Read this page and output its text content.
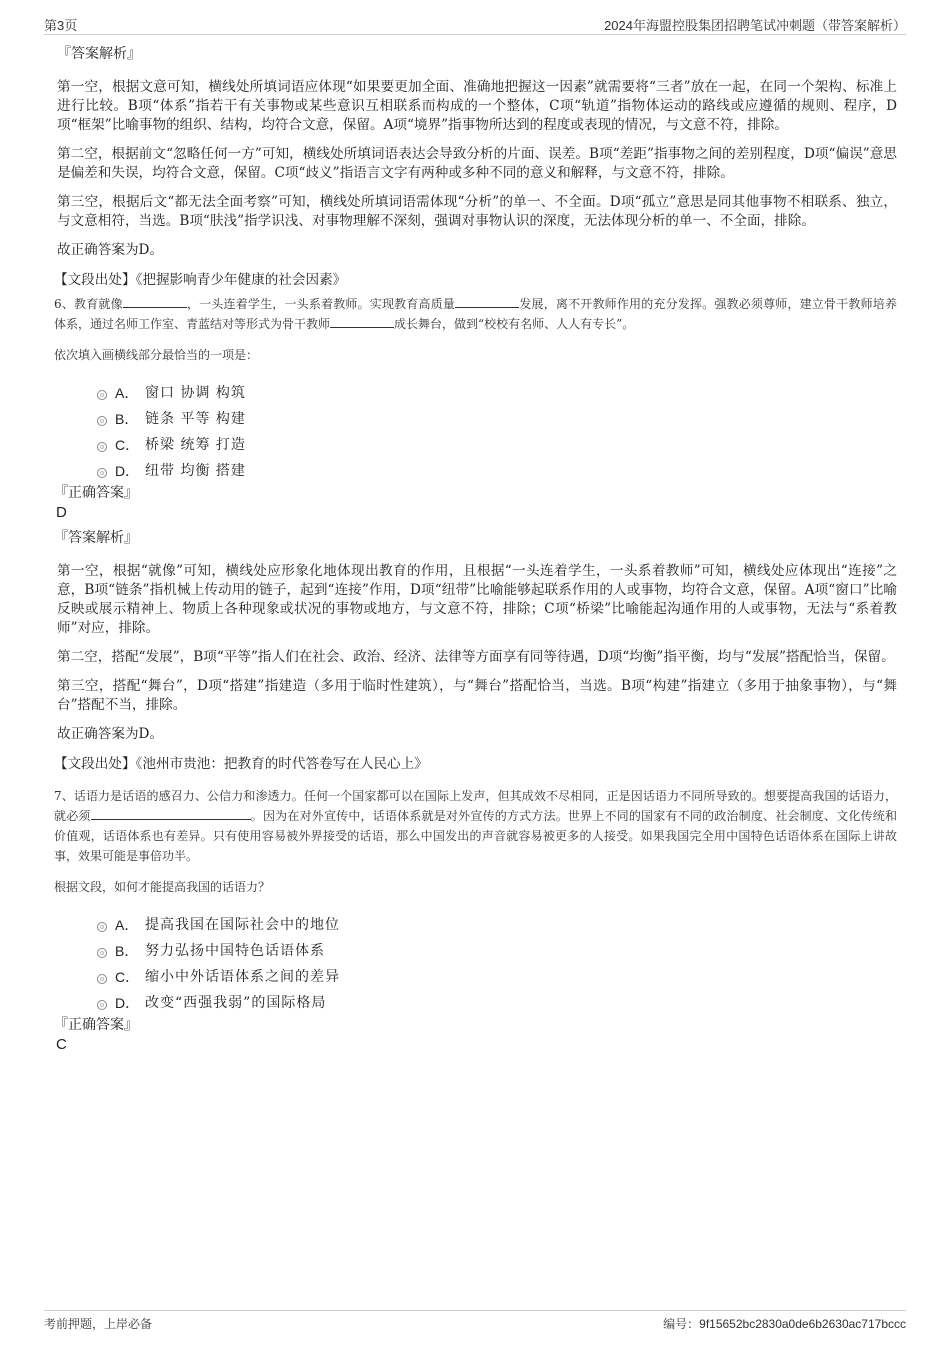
第3页	2024年海盟控股集团招聘笔试冲刺题（带答案解析）
『答案解析』

第一空，根据文意可知，横线处所填词语应体现“如果要更加全面、准确地把握这一因素”就需要将“三者”放在一起，在同一个架构、标准上进行比较。B项“体系”指若干有关事物或某些意识互相联系而构成的一个整体，C项“轨道”指物体运动的路线或应遵循的规则、程序，D项“框架”比喻事物的组织、结构，均符合文意，保留。A项“境界”指事物所达到的程度或表现的情况，与文意不符，排除。

第二空，根据前文“忽略任何一方”可知，横线处所填词语表达会导致分析的片面、误差。B项“差距”指事物之间的差别程度，D项“偏误”意思是偏差和失误，均符合文意，保留。C项“歧义”指语言文字有两种或多种不同的意义和解释，与文意不符，排除。

第三空，根据后文“都无法全面考察”可知，横线处所填词语需体现“分析”的单一、不全面。D项“孤立”意思是同其他事物不相联系、独立，与文意相符，当选。B项“肤浅”指学识浅、对事物理解不深刻，强调对事物认识的深度，无法体现分析的单一、不全面，排除。

故正确答案为D。

【文段出处】《把握影响青少年健康的社会因素》
6、教育就像	，一头连着学生，一头系着教师。实现教育高质量	发展，离不开教师作用的充分发挥。强教必须尊师，建立骨干教师培养体系，通过名师工作室、青蓝结对等形式为骨干教师	成长舞台，做到“校校有名师、人人有专长”。
依次填入画横线部分最恰当的一项是：
A． 窗口 协调 构筑
B． 链条 平等 构建
C． 桥梁 统筹 打造
D． 纽带 均衡 搭建
『正确答案』
D
『答案解析』

第一空，根据“就像”可知，横线处应形象化地体现出教育的作用，且根据“一头连着学生，一头系着教师”可知，横线处应体现出“连接”之意，B项“链条”指机械上传动用的链子，起到“连接”作用，D项“纽带”比喻能够起联系作用的人或事物，均符合文意，保留。A项“窗口”比喻反映或展示精神上、物质上各种现象或状况的事物或地方，与文意不符，排除；C项“桥梁”比喻能起沟通作用的人或事物，无法与“系着教师”对应，排除。

第二空，搭配“发展”，B项“平等”指人们在社会、政治、经济、法律等方面享有同等待遇，D项“均衡”指平衡，均与“发展”搭配恰当，保留。

第三空，搭配“舞台”，D项“搭建”指建造（多用于临时性建筑），与“舞台”搭配恰当，当选。B项“构建”指建立（多用于抽象事物），与“舞台”搭配不当，排除。

故正确答案为D。

【文段出处】《池州市贵池：把教育的时代答卷写在人民心上》
7、话语力是话语的感召力、公信力和渗透力。任何一个国家都可以在国际上发声，但其成效不尽相同，正是因话语力不同所导致的。想要提高我国的话语力，就必须	。因为在对外宣传中，话语体系就是对外宣传的方式方法。世界上不同的国家有不同的政治制度、社会制度、文化传统和价值观，话语体系也有差异。只有使用容易被外界接受的话语，那么中国发出的声音就容易被更多的人接受。如果我国完全用中国特色话语体系在国际上讲故事，效果可能是事倍功半。
根据文段，如何才能提高我国的话语力？
A． 提高我国在国际社会中的地位
B． 努力弘扬中国特色话语体系
C． 缩小中外话语体系之间的差异
D． 改变“西强我弱”的国际格局
『正确答案』
C
考前押题，上岸必备	编号：9f15652bc2830a0de6b2630ac717bccc
